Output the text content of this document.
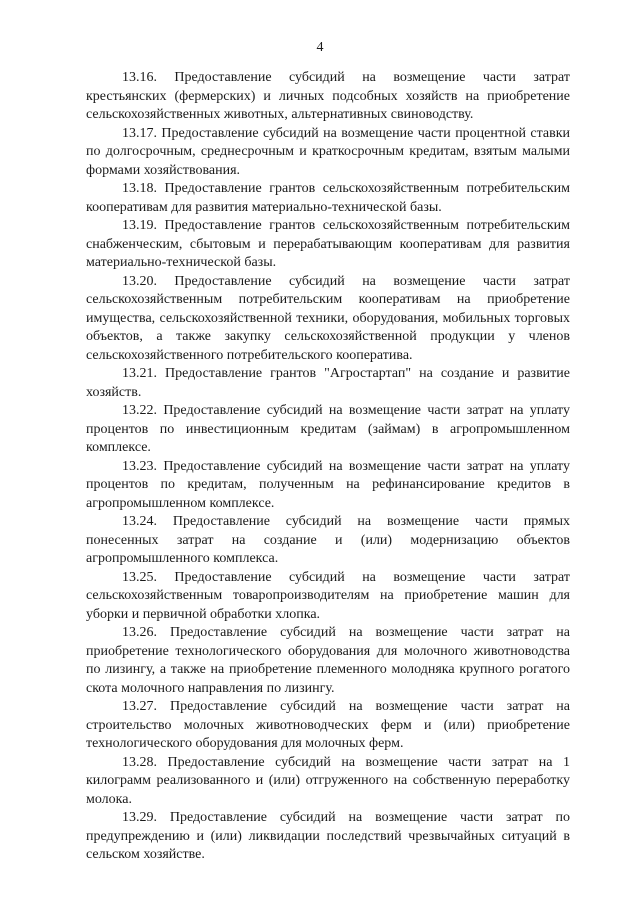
4

13.16. Предоставление субсидий на возмещение части затрат крестьянских (фермерских) и личных подсобных хозяйств на приобретение сельскохозяйственных животных, альтернативных свиноводству.

13.17. Предоставление субсидий на возмещение части процентной ставки по долгосрочным, среднесрочным и краткосрочным кредитам, взятым малыми формами хозяйствования.

13.18. Предоставление грантов сельскохозяйственным потребительским кооперативам для развития материально-технической базы.

13.19. Предоставление грантов сельскохозяйственным потребительским снабженческим, сбытовым и перерабатывающим кооперативам для развития материально-технической базы.

13.20. Предоставление субсидий на возмещение части затрат сельскохозяйственным потребительским кооперативам на приобретение имущества, сельскохозяйственной техники, оборудования, мобильных торговых объектов, а также закупку сельскохозяйственной продукции у членов сельскохозяйственного потребительского кооператива.

13.21. Предоставление грантов "Агростартап" на создание и развитие хозяйств.

13.22. Предоставление субсидий на возмещение части затрат на уплату процентов по инвестиционным кредитам (займам) в агропромышленном комплексе.

13.23. Предоставление субсидий на возмещение части затрат на уплату процентов по кредитам, полученным на рефинансирование кредитов в агропромышленном комплексе.

13.24. Предоставление субсидий на возмещение части прямых понесенных затрат на создание и (или) модернизацию объектов агропромышленного комплекса.

13.25. Предоставление субсидий на возмещение части затрат сельскохозяйственным товаропроизводителям на приобретение машин для уборки и первичной обработки хлопка.

13.26. Предоставление субсидий на возмещение части затрат на приобретение технологического оборудования для молочного животноводства по лизингу, а также на приобретение племенного молодняка крупного рогатого скота молочного направления по лизингу.

13.27. Предоставление субсидий на возмещение части затрат на строительство молочных животноводческих ферм и (или) приобретение технологического оборудования для молочных ферм.

13.28. Предоставление субсидий на возмещение части затрат на 1 килограмм реализованного и (или) отгруженного на собственную переработку молока.

13.29. Предоставление субсидий на возмещение части затрат по предупреждению и (или) ликвидации последствий чрезвычайных ситуаций в сельском хозяйстве.
